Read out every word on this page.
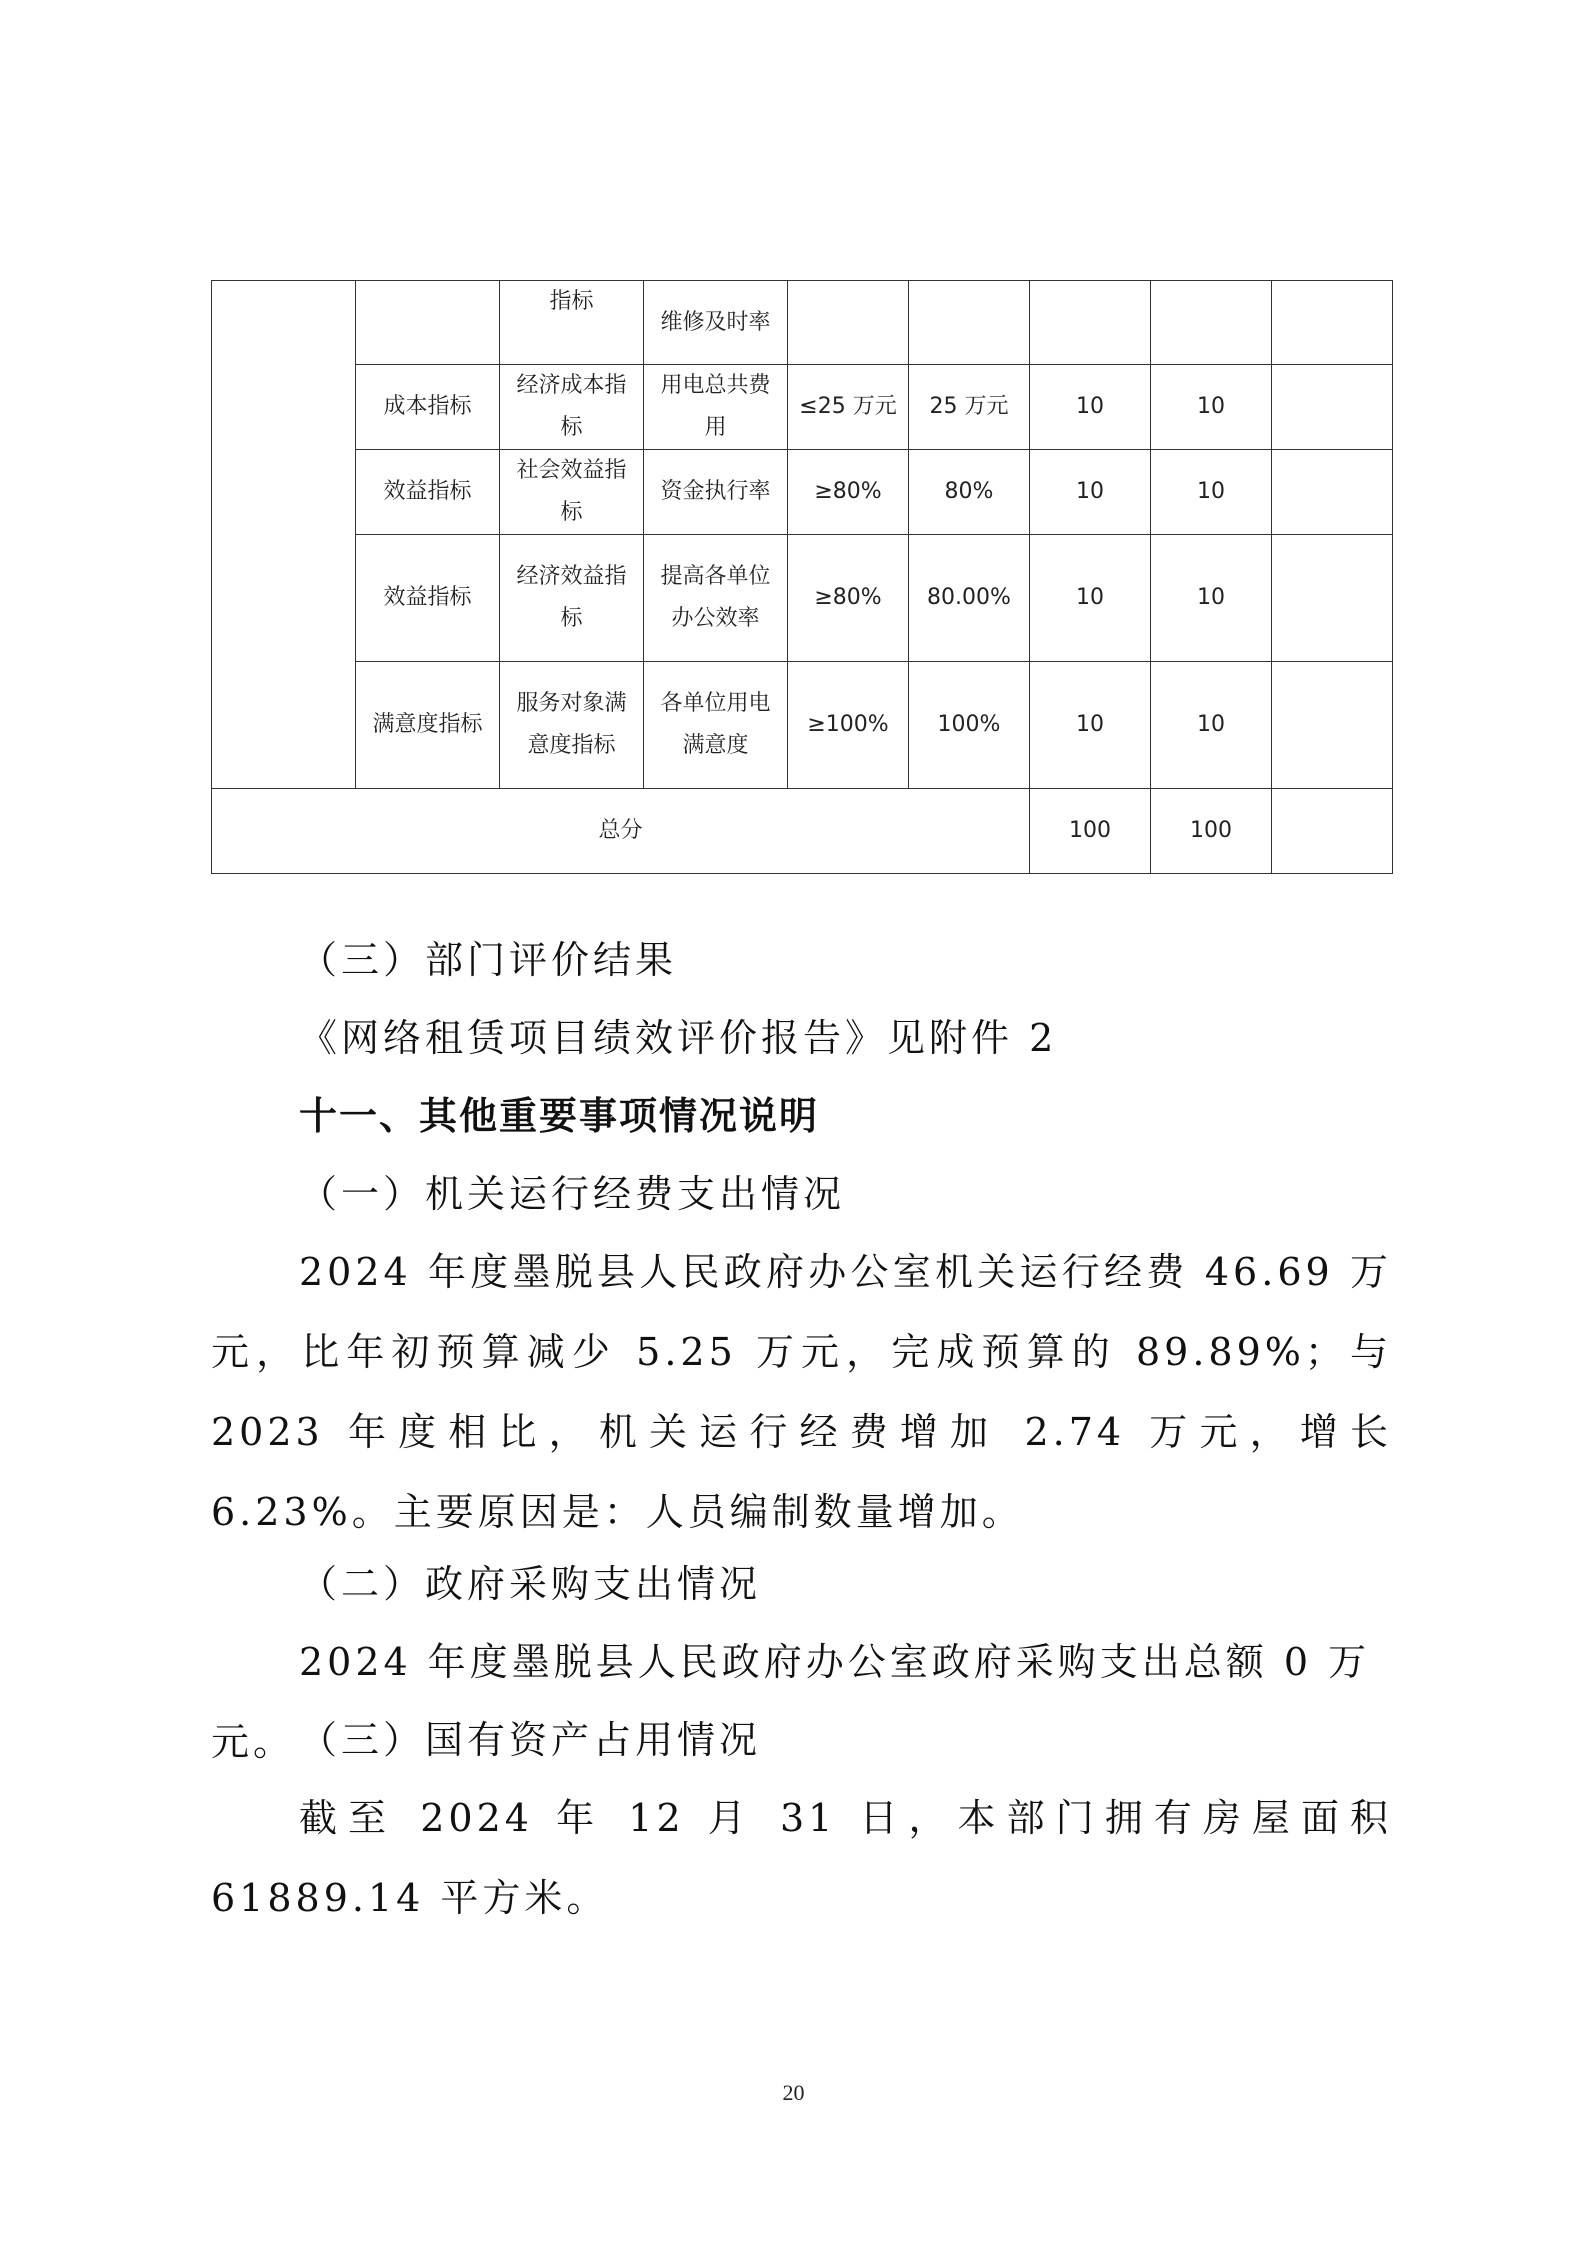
		指标	维修及时率					
	成本指标	经济成本指标	用电总共费用	≤25 万元	25 万元	10	10	
	效益指标	社会效益指标	资金执行率	≥80%	80%	10	10	
	效益指标	经济效益指标	提高各单位办公效率	≥80%	80.00%	10	10	
	满意度指标	服务对象满意度指标	各单位用电满意度	≥100%	100%	10	10	
总分						100	100	
（三）部门评价结果
《网络租赁项目绩效评价报告》见附件 2
十一、其他重要事项情况说明
（一）机关运行经费支出情况
2024 年度墨脱县人民政府办公室机关运行经费 46.69 万元，比年初预算减少 5.25 万元，完成预算的 89.89%；与 2023 年度相比，机关运行经费增加 2.74 万元，增长 6.23%。主要原因是：人员编制数量增加。
（二）政府采购支出情况
2024 年度墨脱县人民政府办公室政府采购支出总额 0 万元。 （三）国有资产占用情况
截至 2024 年 12 月 31 日，本部门拥有房屋面积 61889.14 平方米。
20
